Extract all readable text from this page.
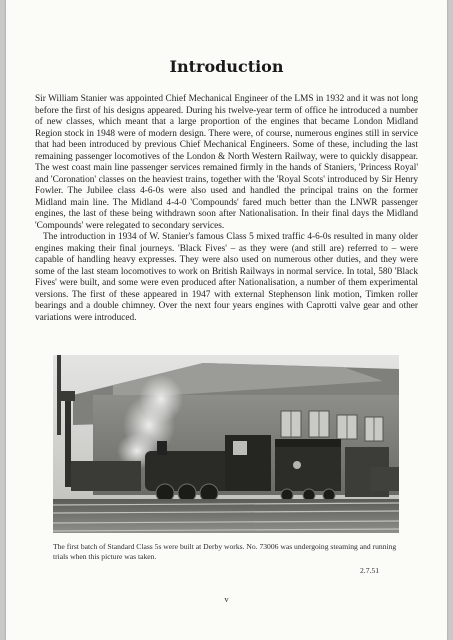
Introduction

Sir William Stanier was appointed Chief Mechanical Engineer of the LMS in 1932 and it was not long before the first of his designs appeared. During his twelve-year term of office he introduced a number of new classes, which meant that a large proportion of the engines that became London Midland Region stock in 1948 were of modern design. There were, of course, numerous engines still in service that had been introduced by previous Chief Mechanical Engineers. Some of these, including the last remaining passenger locomotives of the London & North Western Railway, were to quickly disappear. The west coast main line passenger services remained firmly in the hands of Staniers, 'Princess Royal' and 'Coronation' classes on the heaviest trains, together with the 'Royal Scots' introduced by Sir Henry Fowler. The Jubilee class 4-6-0s were also used and handled the principal trains on the former Midland main line. The Midland 4-4-0 'Compounds' fared much better than the LNWR passenger engines, the last of these being withdrawn soon after Nationalisation. In their final days the Midland 'Compounds' were relegated to secondary services.

The introduction in 1934 of W. Stanier's famous Class 5 mixed traffic 4-6-0s resulted in many older engines making their final journeys. 'Black Fives' – as they were (and still are) referred to – were capable of handling heavy expresses. They were also used on numerous other duties, and they were some of the last steam locomotives to work on British Railways in normal service. In total, 580 'Black Fives' were built, and some were even produced after Nationalisation, a number of them experimental versions. The first of these appeared in 1947 with external Stephenson link motion, Timken roller bearings and a double chimney. Over the next four years engines with Caprotti valve gear and other variations were introduced.

The first batch of Standard Class 5s were built at Derby works. No. 73006 was undergoing steaming and running trials when this picture was taken.
2.7.51
v
